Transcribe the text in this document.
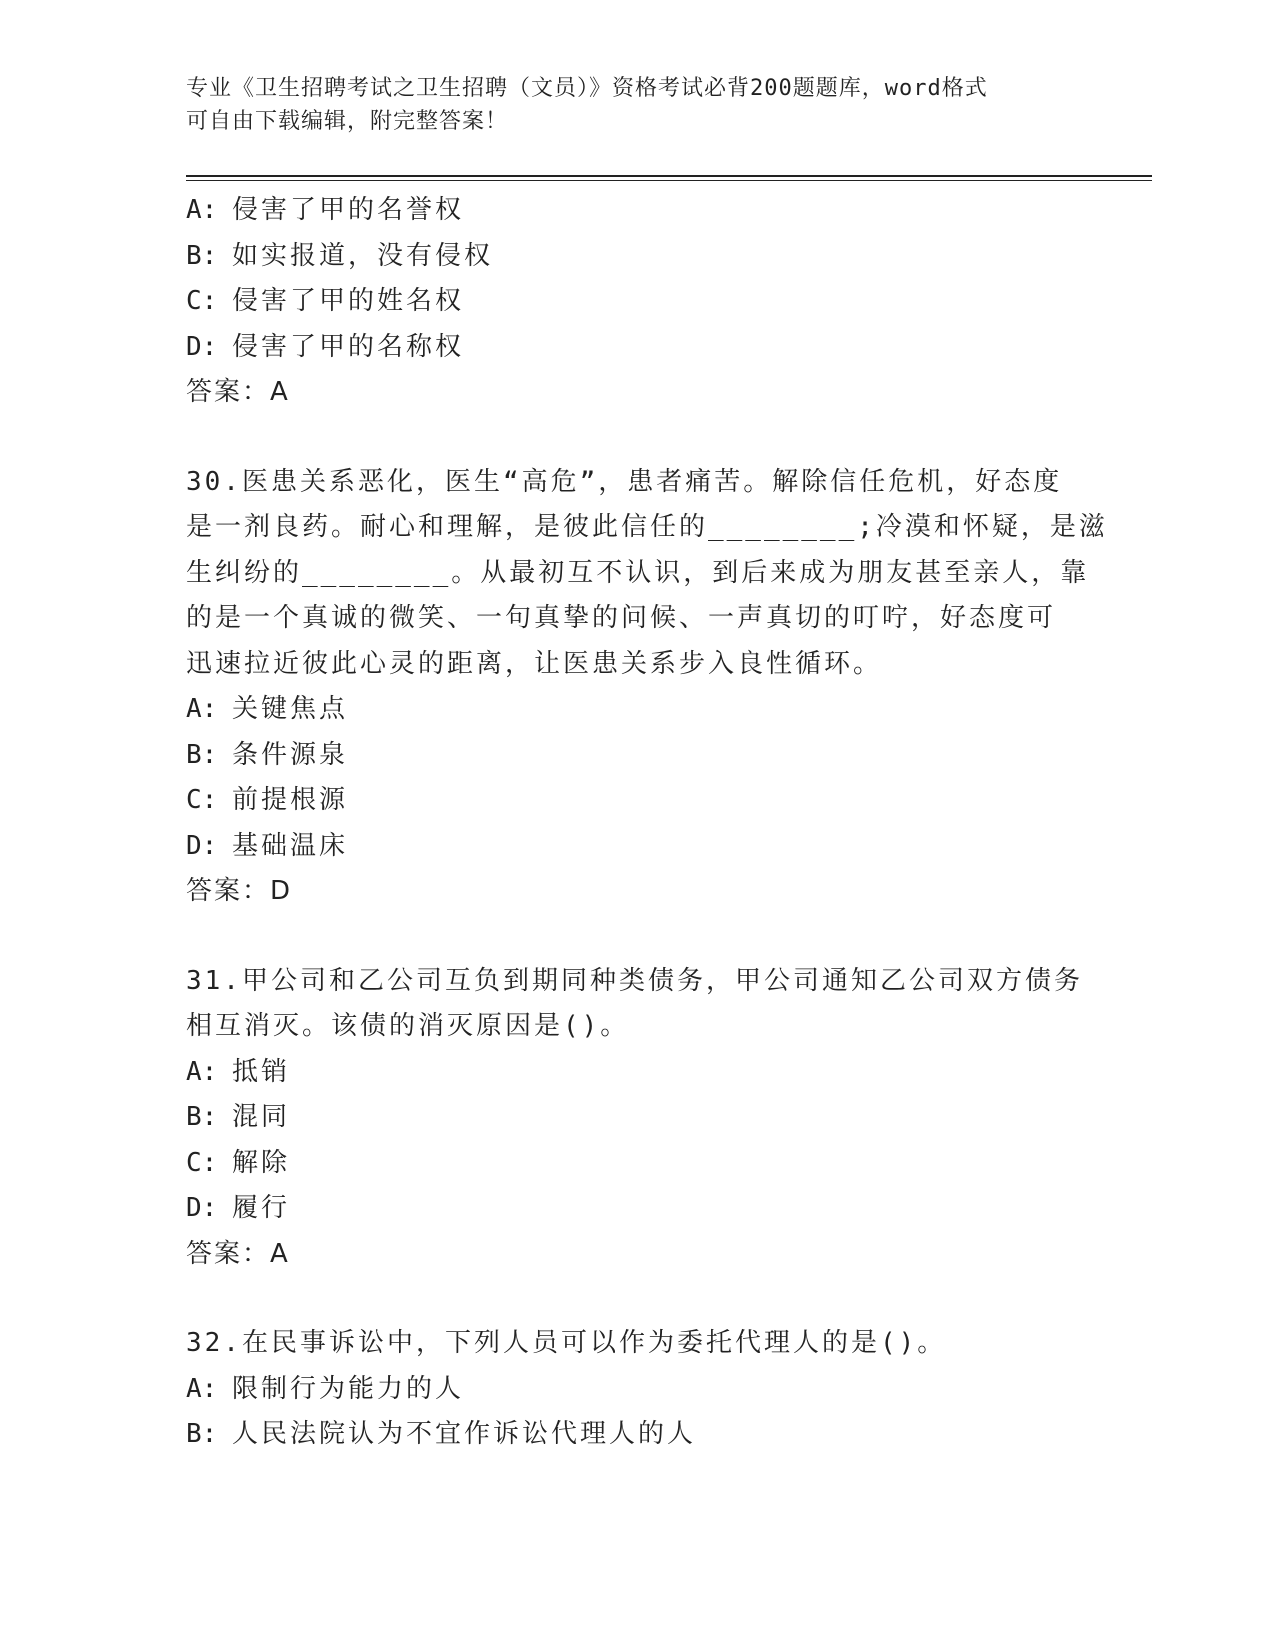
专业《卫生招聘考试之卫生招聘（文员）》资格考试必背200题题库，word格式
可自由下载编辑，附完整答案！
A: 侵害了甲的名誉权
B: 如实报道，没有侵权
C: 侵害了甲的姓名权
D: 侵害了甲的名称权
答案：A
30.医患关系恶化，医生“高危”，患者痛苦。解除信任危机，好态度
是一剂良药。耐心和理解，是彼此信任的________;冷漠和怀疑，是滋
生纠纷的________。从最初互不认识，到后来成为朋友甚至亲人，靠
的是一个真诚的微笑、一句真挚的问候、一声真切的叮咛，好态度可
迅速拉近彼此心灵的距离，让医患关系步入良性循环。
A: 关键焦点
B: 条件源泉
C: 前提根源
D: 基础温床
答案：D
31.甲公司和乙公司互负到期同种类债务，甲公司通知乙公司双方债务
相互消灭。该债的消灭原因是()。
A: 抵销
B: 混同
C: 解除
D: 履行
答案：A
32.在民事诉讼中，下列人员可以作为委托代理人的是()。
A: 限制行为能力的人
B: 人民法院认为不宜作诉讼代理人的人
